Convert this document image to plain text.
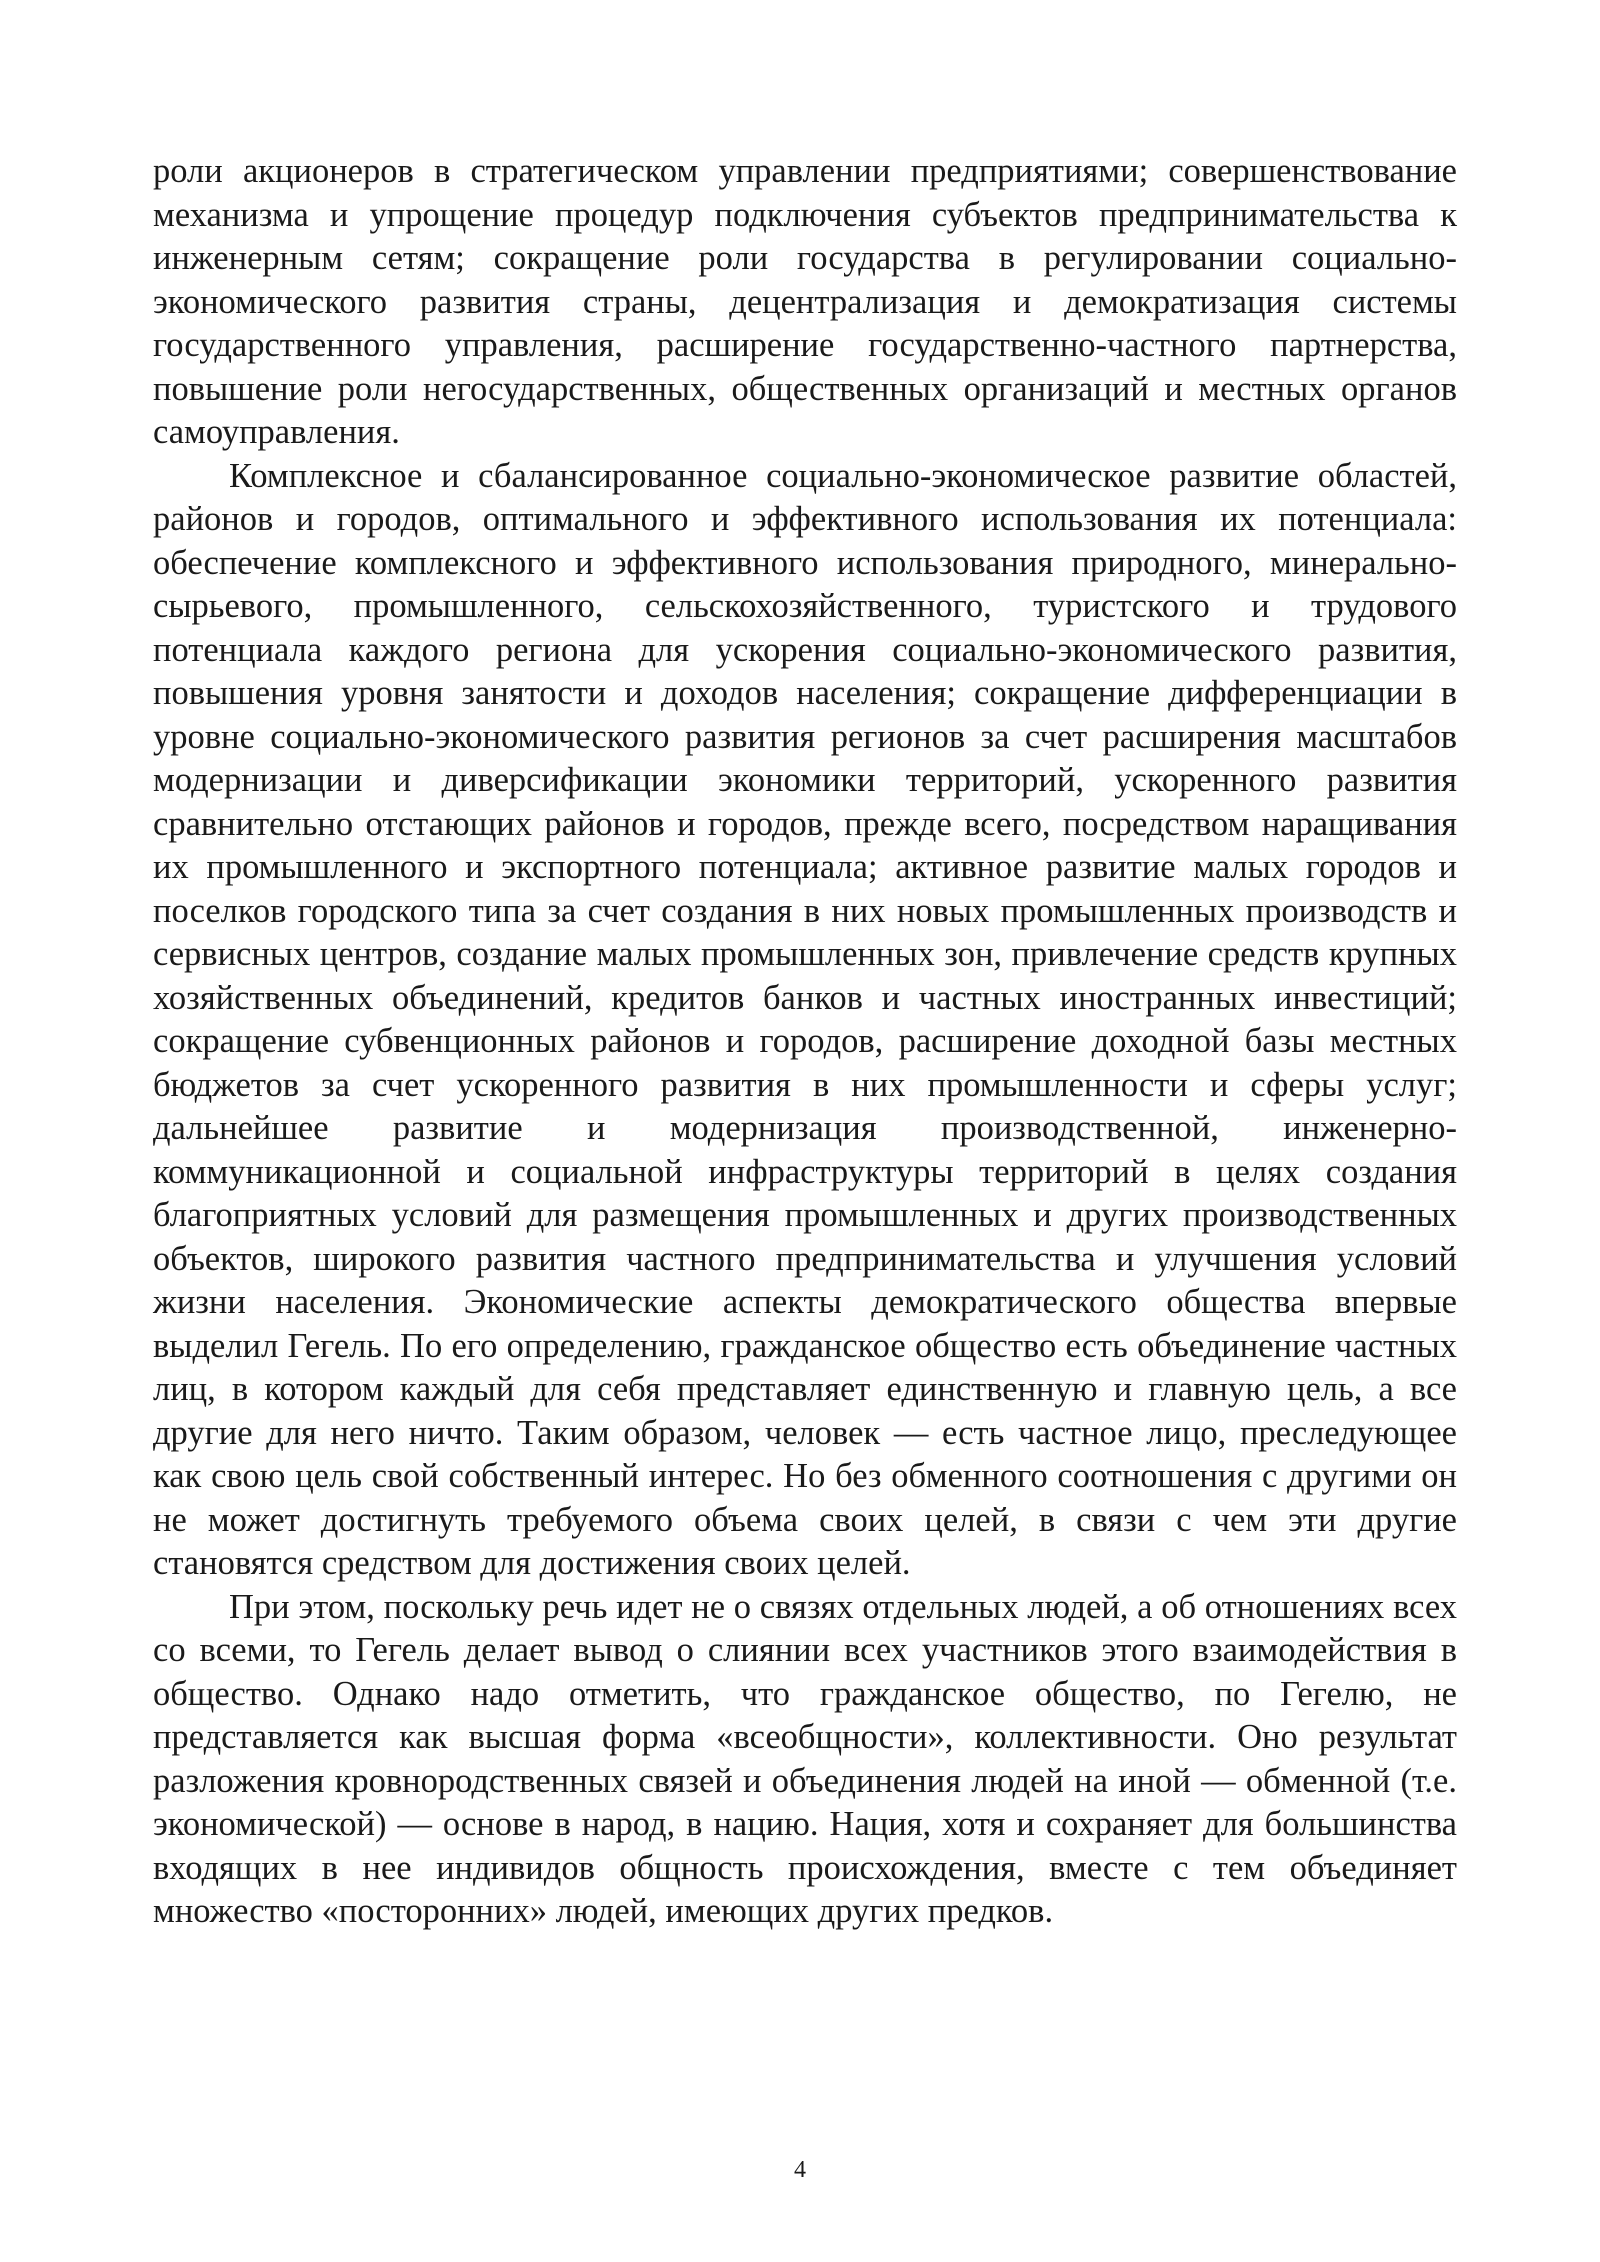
роли акционеров в стратегическом управлении предприятиями; совершенствование механизма и упрощение процедур подключения субъектов предпринимательства к инженерным сетям; сокращение роли государства в регулировании социально-экономического развития страны, децентрализация и демократизация системы государственного управления, расширение государственно-частного партнерства, повышение роли негосударственных, общественных организаций и местных органов самоуправления.

Комплексное и сбалансированное социально-экономическое развитие областей, районов и городов, оптимального и эффективного использования их потенциала: обеспечение комплексного и эффективного использования природного, минерально-сырьевого, промышленного, сельскохозяйственного, туристского и трудового потенциала каждого региона для ускорения социально-экономического развития, повышения уровня занятости и доходов населения; сокращение дифференциации в уровне социально-экономического развития регионов за счет расширения масштабов модернизации и диверсификации экономики территорий, ускоренного развития сравнительно отстающих районов и городов, прежде всего, посредством наращивания их промышленного и экспортного потенциала; активное развитие малых городов и поселков городского типа за счет создания в них новых промышленных производств и сервисных центров, создание малых промышленных зон, привлечение средств крупных хозяйственных объединений, кредитов банков и частных иностранных инвестиций; сокращение субвенционных районов и городов, расширение доходной базы местных бюджетов за счет ускоренного развития в них промышленности и сферы услуг; дальнейшее развитие и модернизация производственной, инженерно-коммуникационной и социальной инфраструктуры территорий в целях создания благоприятных условий для размещения промышленных и других производственных объектов, широкого развития частного предпринимательства и улучшения условий жизни населения. Экономические аспекты демократического общества впервые выделил Гегель. По его определению, гражданское общество есть объединение частных лиц, в котором каждый для себя представляет единственную и главную цель, а все другие для него ничто. Таким образом, человек — есть частное лицо, преследующее как свою цель свой собственный интерес. Но без обменного соотношения с другими он не может достигнуть требуемого объема своих целей, в связи с чем эти другие становятся средством для достижения своих целей.

При этом, поскольку речь идет не о связях отдельных людей, а об отношениях всех со всеми, то Гегель делает вывод о слиянии всех участников этого взаимодействия в общество. Однако надо отметить, что гражданское общество, по Гегелю, не представляется как высшая форма «всеобщности», коллективности. Оно результат разложения кровнородственных связей и объединения людей на иной — обменной (т.е. экономической) — основе в народ, в нацию. Нация, хотя и сохраняет для большинства входящих в нее индивидов общность происхождения, вместе с тем объединяет множество «посторонних» людей, имеющих других предков.

4
